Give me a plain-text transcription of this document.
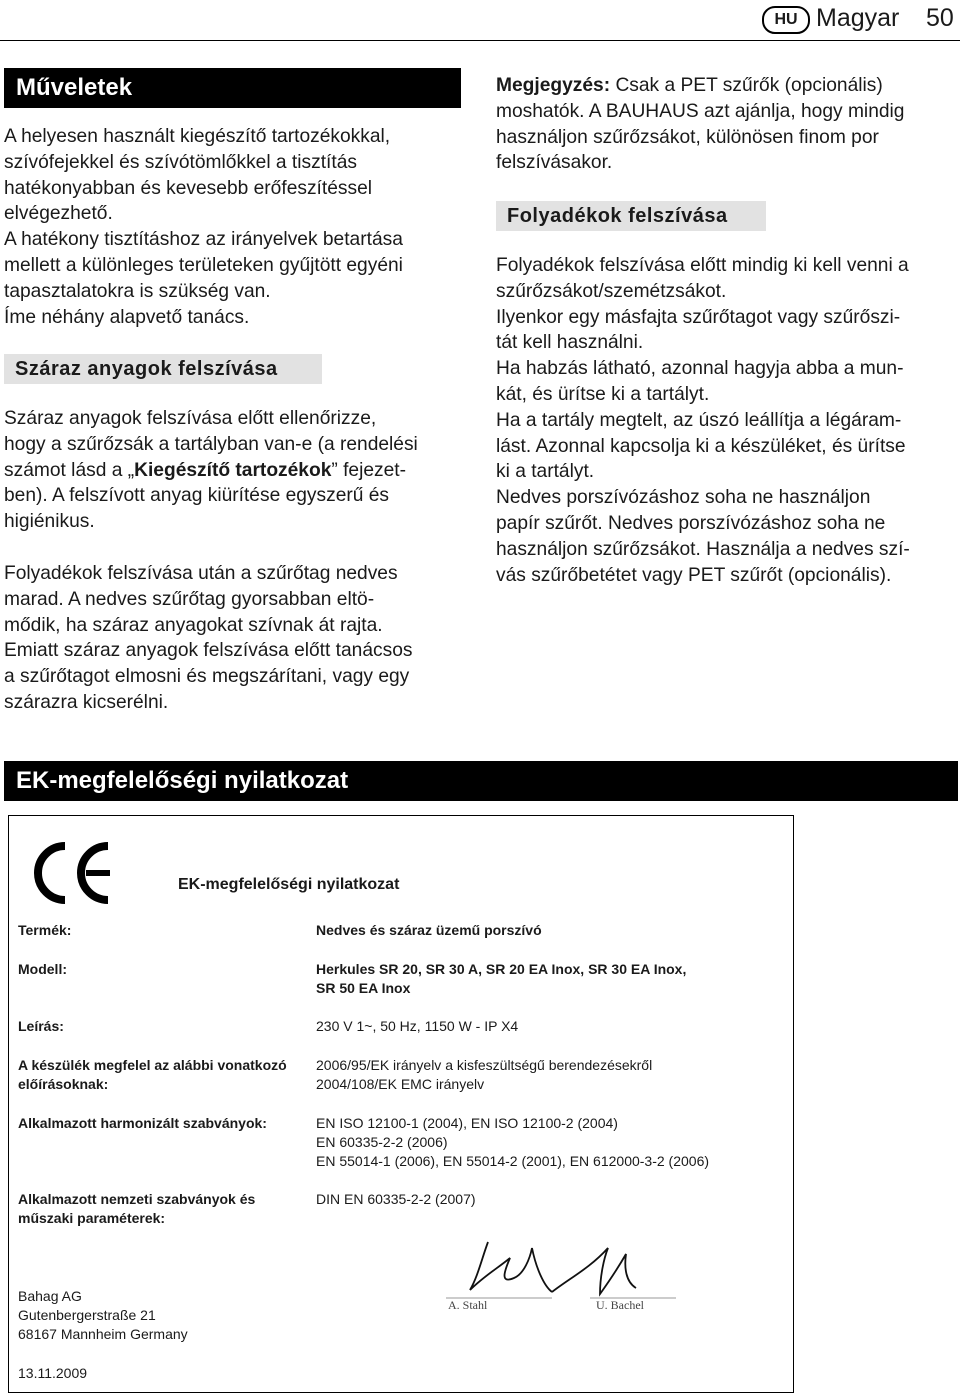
HU Magyar 50
Műveletek

A helyesen használt kiegészítő tartozékokkal,

szívófejekkel és szívótömlőkkel a tisztítás

hatékonyabban és kevesebb erőfeszítéssel

elvégezhető.

A hatékony tisztításhoz az irányelvek betartása

mellett a különleges területeken gyűjtött egyéni

tapasztalatokra is szükség van.

Íme néhány alapvető tanács.

Száraz anyagok felszívása

Száraz anyagok felszívása előtt ellenőrizze,

hogy a szűrőzsák a tartályban van-e (a rendelési

számot lásd a „Kiegészítő tartozékok” fejezet-

ben). A felszívott anyag kiürítése egyszerű és

higiénikus.

Folyadékok felszívása után a szűrőtag nedves

marad. A nedves szűrőtag gyorsabban eltö-

mődik, ha száraz anyagokat szívnak át rajta.

Emiatt száraz anyagok felszívása előtt tanácsos

a szűrőtagot elmosni és megszárítani, vagy egy

szárazra kicserélni.

Megjegyzés: Csak a PET szűrők (opcionális)

moshatók. A BAUHAUS azt ajánlja, hogy mindig

használjon szűrőzsákot, különösen finom por

felszívásakor.

Folyadékok felszívása

Folyadékok felszívása előtt mindig ki kell venni a

szűrőzsákot/szemétzsákot.

Ilyenkor egy másfajta szűrőtagot vagy szűrőszi-

tát kell használni.

Ha habzás látható, azonnal hagyja abba a mun-

kát, és ürítse ki a tartályt.

Ha a tartály megtelt, az úszó leállítja a légáram-

lást. Azonnal kapcsolja ki a készüléket, és ürítse

ki a tartályt.

Nedves porszívózáshoz soha ne használjon

papír szűrőt. Nedves porszívózáshoz soha ne

használjon szűrőzsákot. Használja a nedves szí-

vás szűrőbetétet vagy PET szűrőt (opcionális).

EK-megfelelőségi nyilatkozat
EK-megfelelőségi nyilatkozat
Termék:	Nedves és száraz üzemű porszívó
Modell:	Herkules SR 20, SR 30 A, SR 20 EA Inox, SR 30 EA Inox,
SR 50 EA Inox
Leírás:	230 V 1~, 50 Hz, 1150 W - IP X4
A készülék megfelel az alábbi vonatkozó előírásoknak:
2006/95/EK irányelv a kisfeszültségű berendezésekről
2004/108/EK EMC irányelv
Alkalmazott harmonizált szabványok:	EN ISO 12100-1 (2004), EN ISO 12100-2 (2004)
EN 60335-2-2 (2006)
EN 55014-1 (2006), EN 55014-2 (2001), EN 612000-3-2 (2006)
Alkalmazott nemzeti szabványok és műszaki paraméterek:
DIN EN 60335-2-2 (2007)
A. Stahl	U. Bachel
Bahag AG
Gutenbergerstraße 21
68167 Mannheim Germany
13.11.2009
